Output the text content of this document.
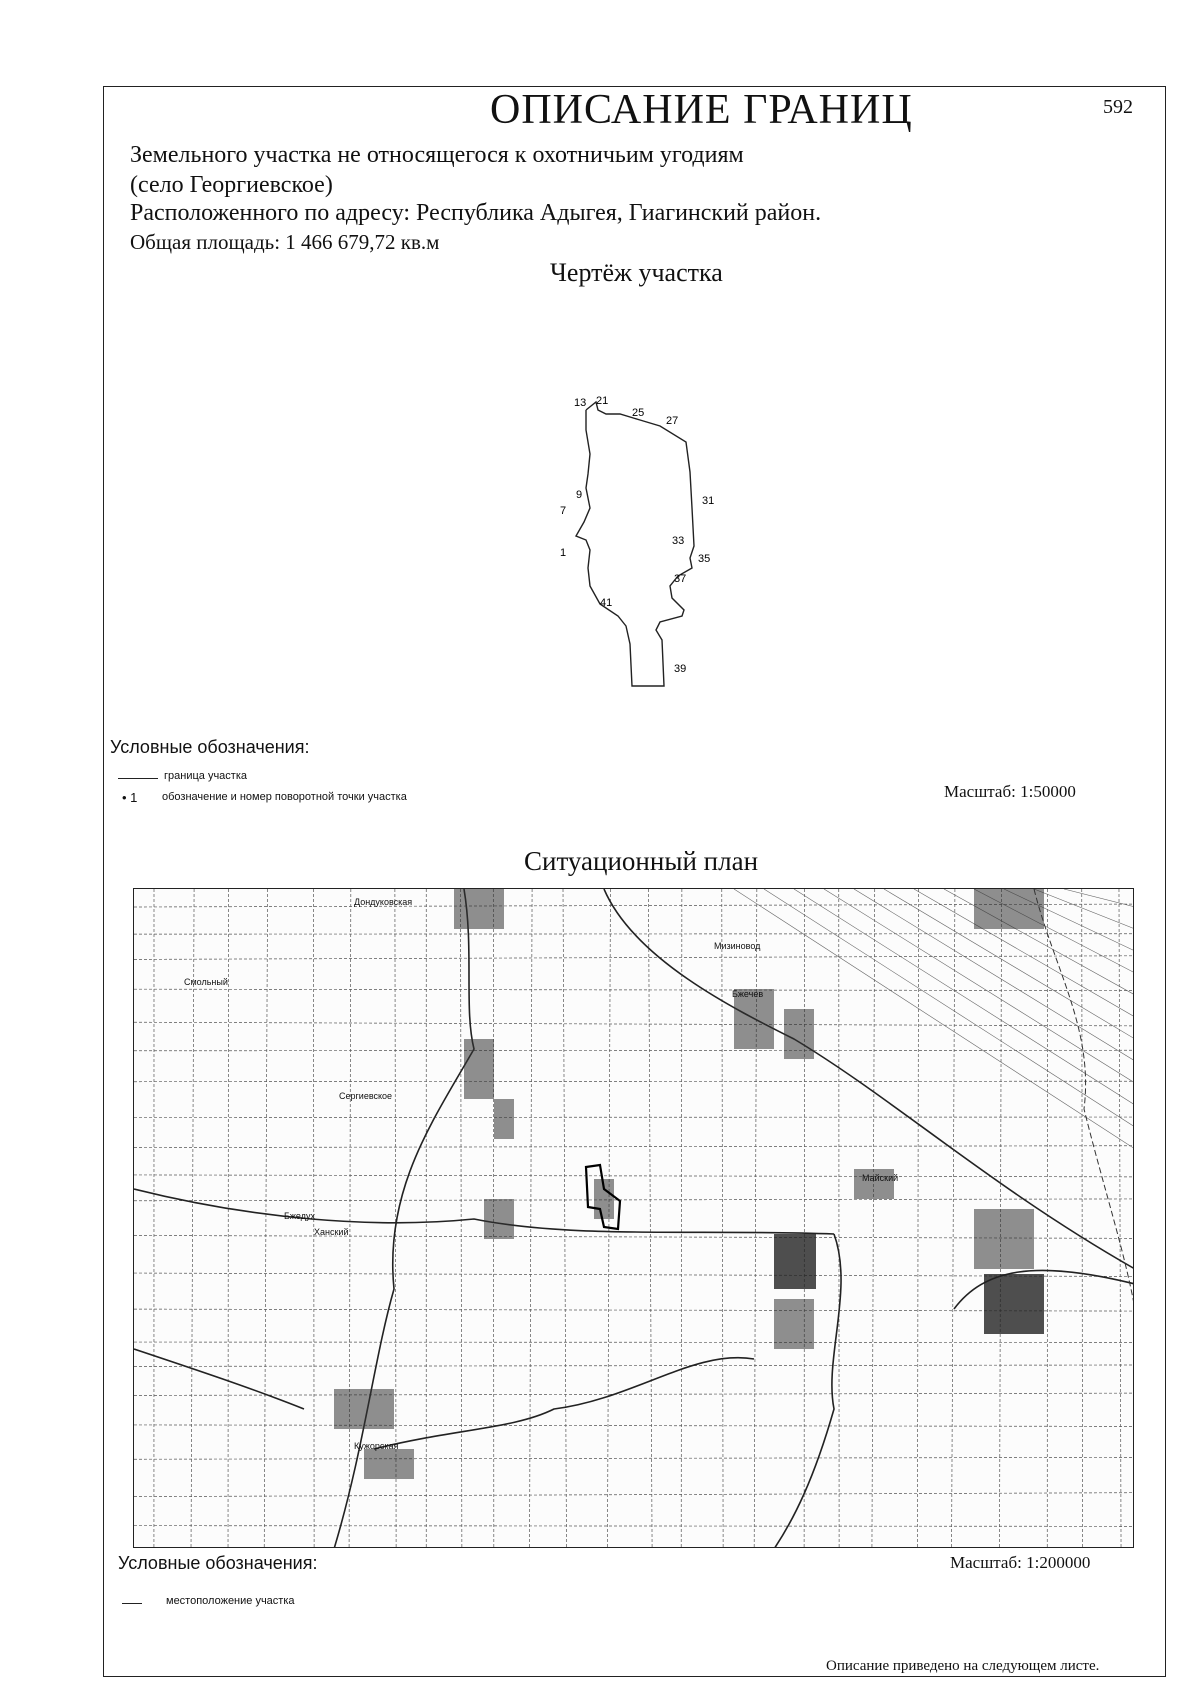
ОПИСАНИЕ ГРАНИЦ	592
Земельного участка не относящегося к охотничьим угодиям
(село Георгиевское)
Расположенного по адресу: Республика Адыгея, Гиагинский район.
Общая площадь: 1 466 679,72 кв.м
Чертёж участка
13 21
25
27
31
33
35
37
39
41
1
7
9
Условные обозначения:
граница участка
• 1 обозначение и номер поворотной точки участка	Масштаб: 1:50000
Ситуационный план
Дондуковская
Сергиевское
Бжечев
Майский
Кужорская
Смольный
Мизиновод
Ханский
Бжедух
Условные обозначения:
местоположение участка
Масштаб: 1:200000
Описание приведено на следующем листе.
